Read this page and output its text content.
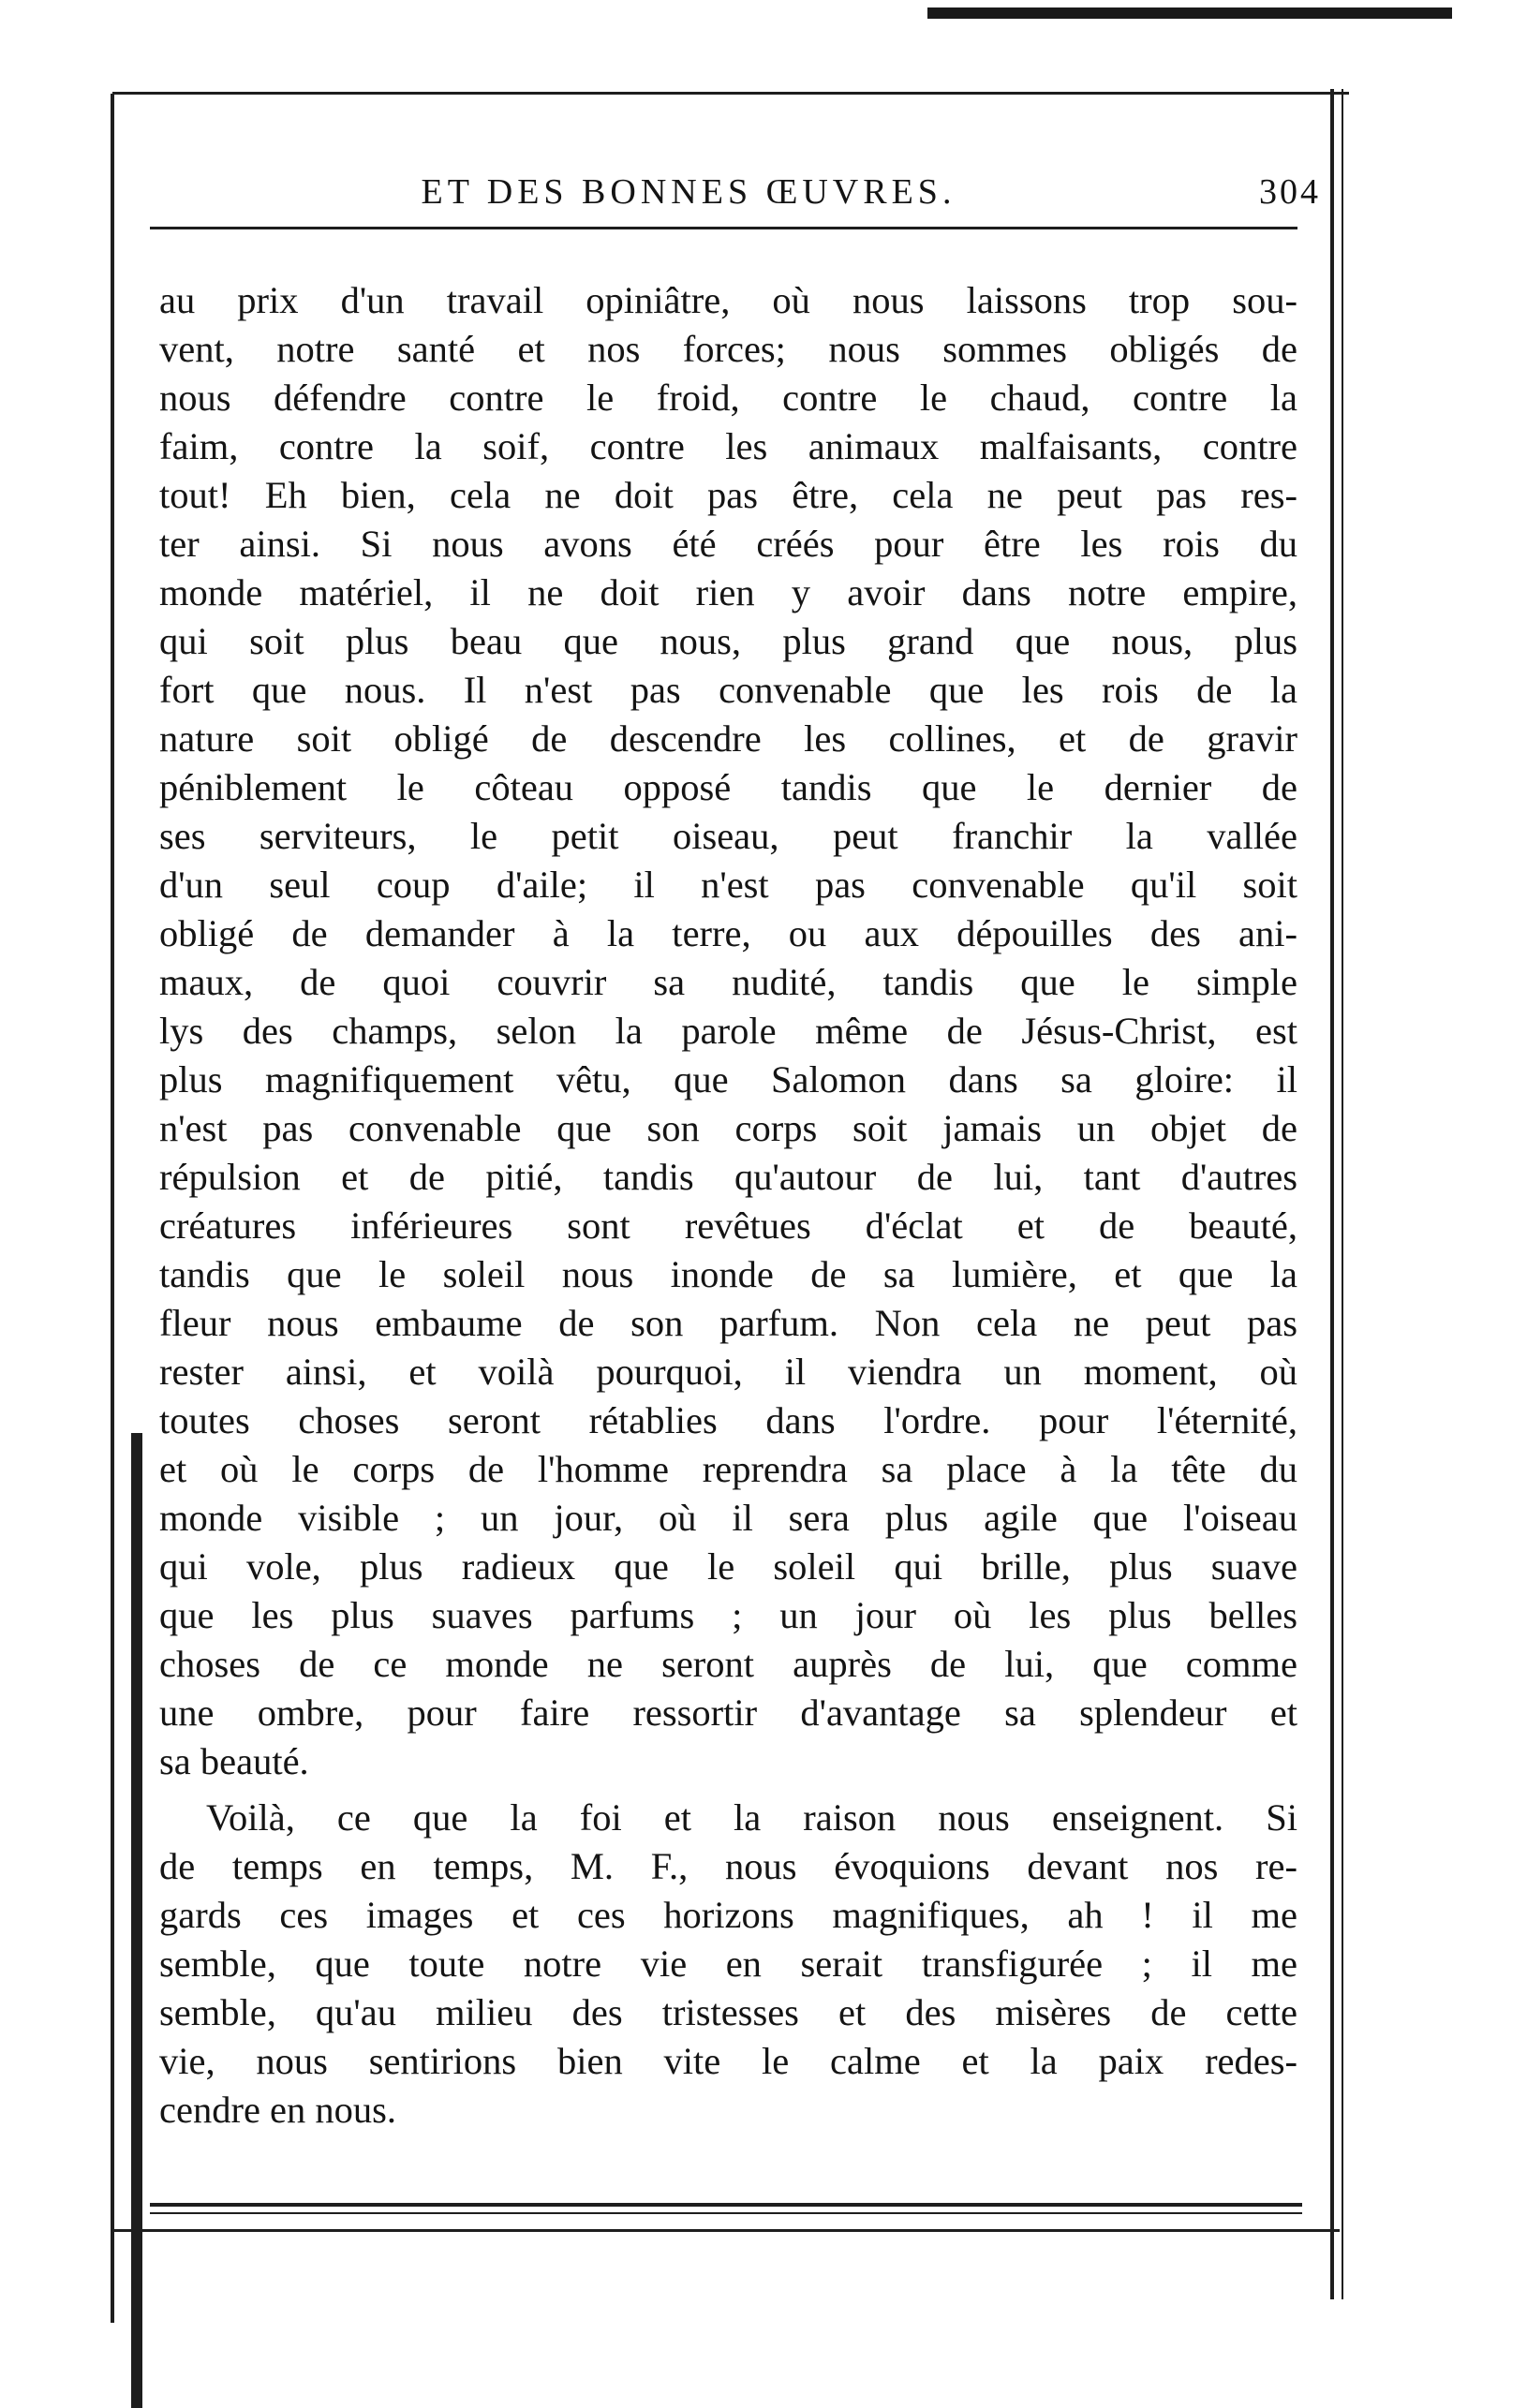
ET DES BONNES ŒUVRES.	304
au prix d'un travail opiniâtre, où nous laissons trop sou-
vent, notre santé et nos forces; nous sommes obligés de
nous défendre contre le froid, contre le chaud, contre la
faim, contre la soif, contre les animaux malfaisants, contre
tout! Eh bien, cela ne doit pas être, cela ne peut pas res-
ter ainsi. Si nous avons été créés pour être les rois du
monde matériel, il ne doit rien y avoir dans notre empire,
qui soit plus beau que nous, plus grand que nous, plus
fort que nous. Il n'est pas convenable que les rois de la
nature soit obligé de descendre les collines, et de gravir
péniblement le côteau opposé tandis que le dernier de
ses serviteurs, le petit oiseau, peut franchir la vallée
d'un seul coup d'aile; il n'est pas convenable qu'il soit
obligé de demander à la terre, ou aux dépouilles des ani-
maux, de quoi couvrir sa nudité, tandis que le simple
lys des champs, selon la parole même de Jésus-Christ, est
plus magnifiquement vêtu, que Salomon dans sa gloire: il
n'est pas convenable que son corps soit jamais un objet de
répulsion et de pitié, tandis qu'autour de lui, tant d'autres
créatures inférieures sont revêtues d'éclat et de beauté,
tandis que le soleil nous inonde de sa lumière, et que la
fleur nous embaume de son parfum. Non cela ne peut pas
rester ainsi, et voilà pourquoi, il viendra un moment, où
toutes choses seront rétablies dans l'ordre. pour l'éternité,
et où le corps de l'homme reprendra sa place à la tête du
monde visible ; un jour, où il sera plus agile que l'oiseau
qui vole, plus radieux que le soleil qui brille, plus suave
que les plus suaves parfums ; un jour où les plus belles
choses de ce monde ne seront auprès de lui, que comme
une ombre, pour faire ressortir d'avantage sa splendeur et
sa beauté.
Voilà, ce que la foi et la raison nous enseignent. Si
de temps en temps, M. F., nous évoquions devant nos re-
gards ces images et ces horizons magnifiques, ah ! il me
semble, que toute notre vie en serait transfigurée ; il me
semble, qu'au milieu des tristesses et des misères de cette
vie, nous sentirions bien vite le calme et la paix redes-
cendre en nous.
